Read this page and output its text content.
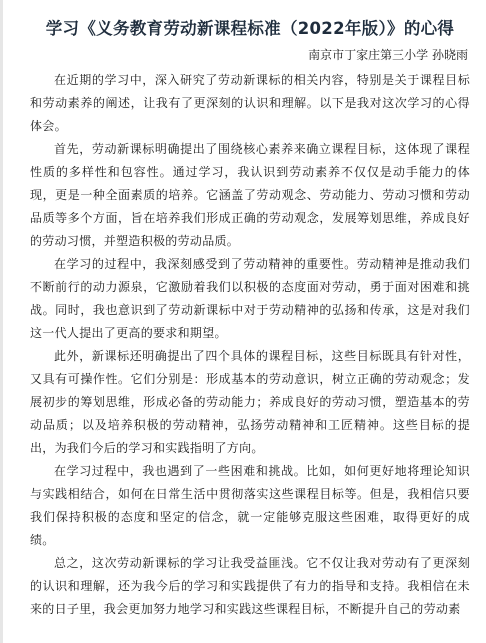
学习《义务教育劳动新课程标准（2022年版）》的心得
南京市丁家庄第三小学 孙晓雨

在近期的学习中，深入研究了劳动新课标的相关内容，特别是关于课程目标和劳动素养的阐述，让我有了更深刻的认识和理解。以下是我对这次学习的心得体会。

首先，劳动新课标明确提出了围绕核心素养来确立课程目标，这体现了课程性质的多样性和包容性。通过学习，我认识到劳动素养不仅仅是动手能力的体现，更是一种全面素质的培养。它涵盖了劳动观念、劳动能力、劳动习惯和劳动品质等多个方面，旨在培养我们形成正确的劳动观念，发展筹划思维，养成良好的劳动习惯，并塑造积极的劳动品质。

在学习的过程中，我深刻感受到了劳动精神的重要性。劳动精神是推动我们不断前行的动力源泉，它激励着我们以积极的态度面对劳动，勇于面对困难和挑战。同时，我也意识到了劳动新课标中对于劳动精神的弘扬和传承，这是对我们这一代人提出了更高的要求和期望。

此外，新课标还明确提出了四个具体的课程目标，这些目标既具有针对性，又具有可操作性。它们分别是：形成基本的劳动意识，树立正确的劳动观念；发展初步的筹划思维，形成必备的劳动能力；养成良好的劳动习惯，塑造基本的劳动品质；以及培养积极的劳动精神，弘扬劳动精神和工匠精神。这些目标的提出，为我们今后的学习和实践指明了方向。

在学习过程中，我也遇到了一些困难和挑战。比如，如何更好地将理论知识与实践相结合，如何在日常生活中贯彻落实这些课程目标等。但是，我相信只要我们保持积极的态度和坚定的信念，就一定能够克服这些困难，取得更好的成绩。

总之，这次劳动新课标的学习让我受益匪浅。它不仅让我对劳动有了更深刻的认识和理解，还为我今后的学习和实践提供了有力的指导和支持。我相信在未来的日子里，我会更加努力地学习和实践这些课程目标，不断提升自己的劳动素
